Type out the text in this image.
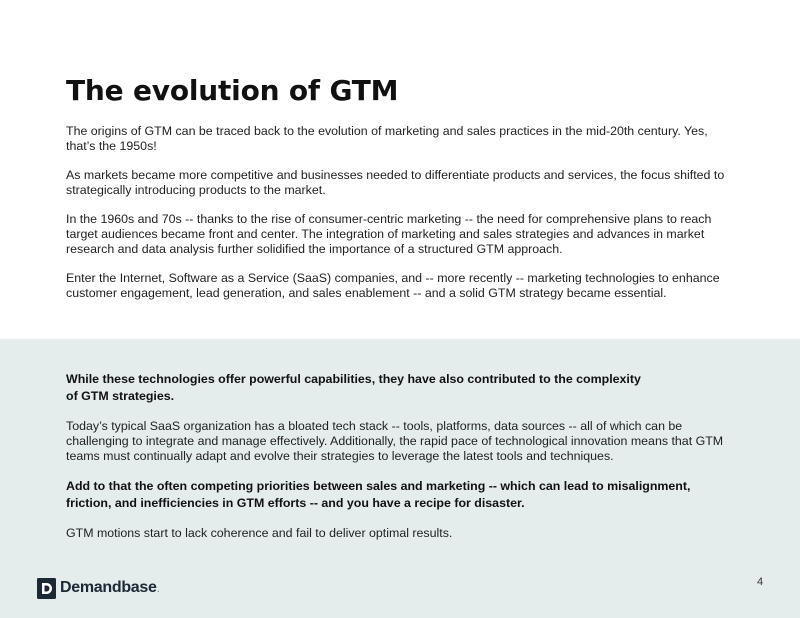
The evolution of GTM

The origins of GTM can be traced back to the evolution of marketing and sales practices in the mid-20th century. Yes, that’s the 1950s!

As markets became more competitive and businesses needed to differentiate products and services, the focus shifted to strategically introducing products to the market.

In the 1960s and 70s -- thanks to the rise of consumer-centric marketing -- the need for comprehensive plans to reach target audiences became front and center. The integration of marketing and sales strategies and advances in market research and data analysis further solidified the importance of a structured GTM approach.

Enter the Internet, Software as a Service (SaaS) companies, and -- more recently -- marketing technologies to enhance customer engagement, lead generation, and sales enablement -- and a solid GTM strategy became essential.

While these technologies offer powerful capabilities, they have also contributed to the complexity of GTM strategies.

Today’s typical SaaS organization has a bloated tech stack -- tools, platforms, data sources -- all of which can be challenging to integrate and manage effectively. Additionally, the rapid pace of technological innovation means that GTM teams must continually adapt and evolve their strategies to leverage the latest tools and techniques.

Add to that the often competing priorities between sales and marketing -- which can lead to misalignment, friction, and inefficiencies in GTM efforts -- and you have a recipe for disaster.

GTM motions start to lack coherence and fail to deliver optimal results.

Demandbase .	4
